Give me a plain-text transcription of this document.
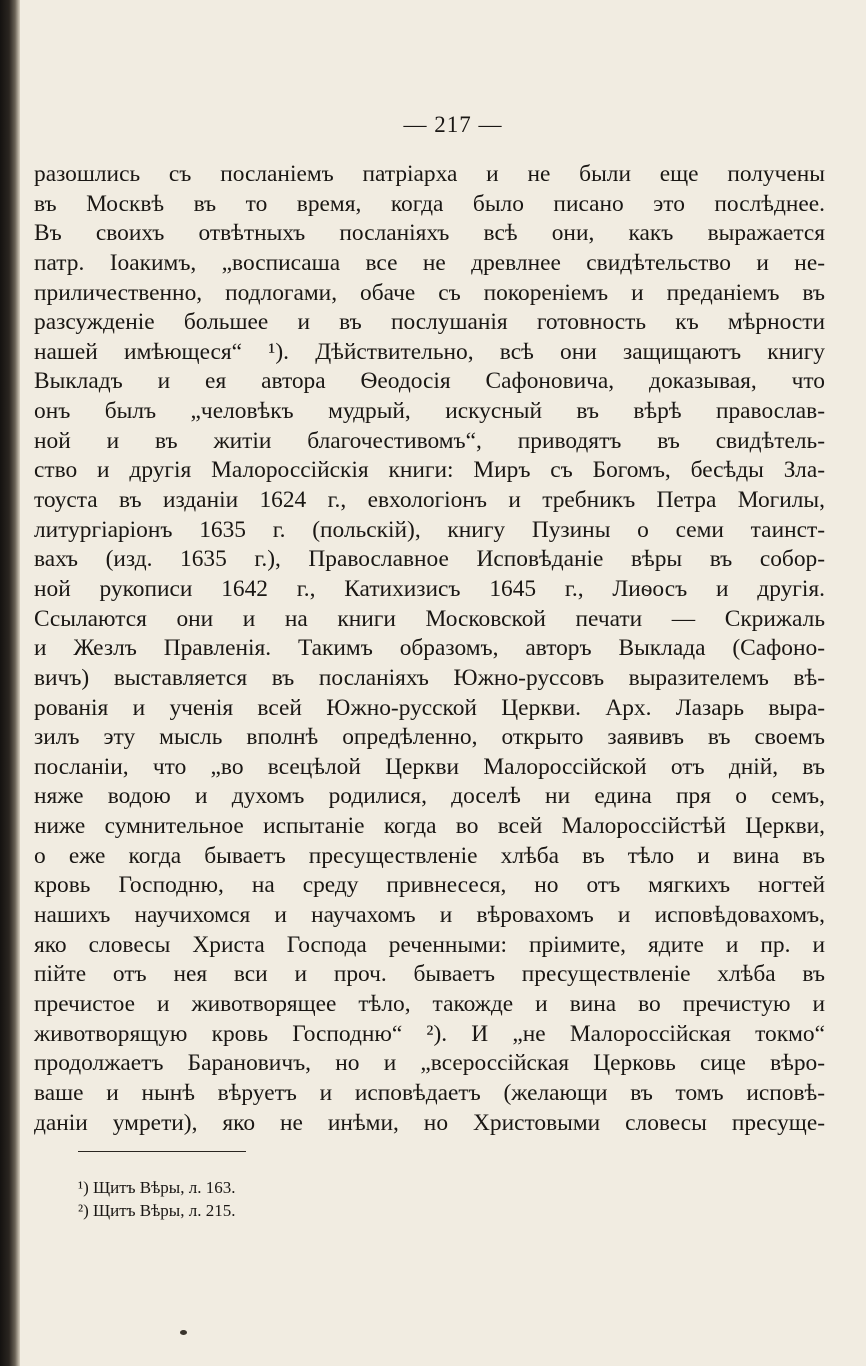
— 217 —
разошлись съ посланіемъ патріарха и не были еще получены
въ Москвѣ въ то время, когда было писано это послѣднее.
Въ своихъ отвѣтныхъ посланіяхъ всѣ они, какъ выражается
патр. Іоакимъ, „восписаша все не древлнее свидѣтельство и не-
приличественно, подлогами, обаче съ покореніемъ и преданіемъ въ
разсужденіе большее и въ послушанія готовность къ мѣрности
нашей имѣющеся“ ¹). Дѣйствительно, всѣ они защищаютъ книгу
Выкладъ и ея автора Ѳеодосія Сафоновича, доказывая, что
онъ былъ „человѣкъ мудрый, искусный въ вѣрѣ православ-
ной и въ житіи благочестивомъ“, приводятъ въ свидѣтель-
ство и другія Малороссійскія книги: Миръ съ Богомъ, бесѣды Зла-
тоуста въ изданіи 1624 г., евхологіонъ и требникъ Петра Могилы,
литургіаріонъ 1635 г. (польскій), книгу Пузины о семи таинст-
вахъ (изд. 1635 г.), Православное Исповѣданіе вѣры въ собор-
ной рукописи 1642 г., Катихизисъ 1645 г., Лиѳосъ и другія.
Ссылаются они и на книги Московской печати — Скрижаль
и Жезлъ Правленія. Такимъ образомъ, авторъ Выклада (Сафоно-
вичъ) выставляется въ посланіяхъ Южно-руссовъ выразителемъ вѣ-
рованія и ученія всей Южно-русской Церкви. Арх. Лазарь выра-
зилъ эту мысль вполнѣ опредѣленно, открыто заявивъ въ своемъ
посланіи, что „во всецѣлой Церкви Малороссійской отъ дній, въ
няже водою и духомъ родилися, доселѣ ни едина пря о семъ,
ниже сумнительное испытаніе когда во всей Малороссійстѣй Церкви,
о еже когда бываетъ пресуществленіе хлѣба въ тѣло и вина въ
кровь Господню, на среду привнесеся, но отъ мягкихъ ногтей
нашихъ научихомся и научахомъ и вѣровахомъ и исповѣдовахомъ,
яко словесы Христа Господа реченными: пріимите, ядите и пр. и
пійте отъ нея вси и проч. бываетъ пресуществленіе хлѣба въ
пречистое и животворящее тѣло, такожде и вина во пречистую и
животворящую кровь Господню“ ²). И „не Малороссійская токмо“
продолжаетъ Барановичъ, но и „всероссійская Церковь сице вѣро-
ваше и нынѣ вѣруетъ и исповѣдаетъ (желающи въ томъ исповѣ-
даніи умрети), яко не инѣми, но Христовыми словесы пресуще-
¹) Щитъ Вѣры, л. 163.
²) Щитъ Вѣры, л. 215.
